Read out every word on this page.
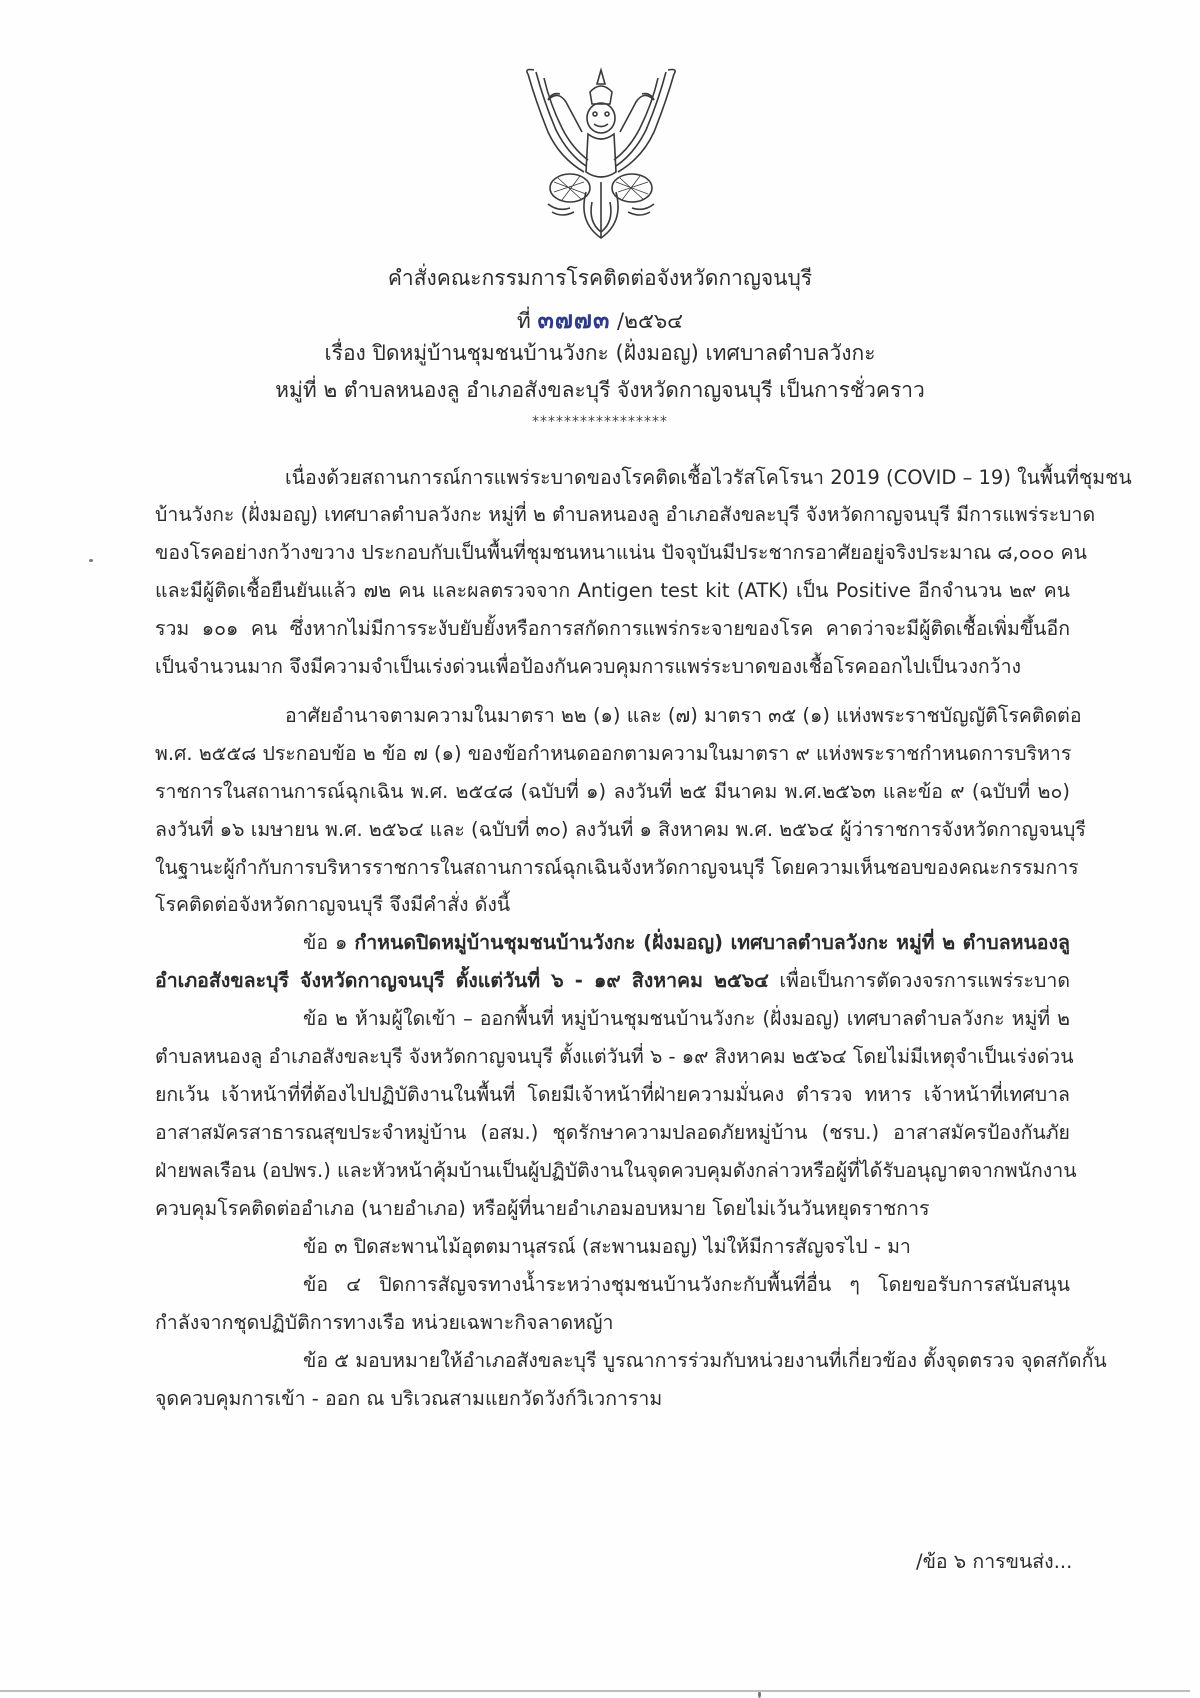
คำสั่งคณะกรรมการโรคติดต่อจังหวัดกาญจนบุรี
ที่ ๓๗๗๓ /๒๕๖๔
เรื่อง ปิดหมู่บ้านชุมชนบ้านวังกะ (ฝั่งมอญ) เทศบาลตำบลวังกะ
หมู่ที่ ๒ ตำบลหนองลู อำเภอสังขละบุรี จังหวัดกาญจนบุรี เป็นการชั่วคราว
*****************
เนื่องด้วยสถานการณ์การแพร่ระบาดของโรคติดเชื้อไวรัสโคโรนา 2019 (COVID – 19) ในพื้นที่ชุมชน
บ้านวังกะ (ฝั่งมอญ) เทศบาลตำบลวังกะ หมู่ที่ ๒ ตำบลหนองลู อำเภอสังขละบุรี จังหวัดกาญจนบุรี มีการแพร่ระบาด
ของโรคอย่างกว้างขวาง ประกอบกับเป็นพื้นที่ชุมชนหนาแน่น ปัจจุบันมีประชากรอาศัยอยู่จริงประมาณ ๘,๐๐๐ คน
และมีผู้ติดเชื้อยืนยันแล้ว ๗๒ คน และผลตรวจจาก Antigen test kit (ATK) เป็น Positive อีกจำนวน ๒๙ คน
รวม ๑๐๑ คน ซึ่งหากไม่มีการระงับยับยั้งหรือการสกัดการแพร่กระจายของโรค คาดว่าจะมีผู้ติดเชื้อเพิ่มขึ้นอีก
เป็นจำนวนมาก จึงมีความจำเป็นเร่งด่วนเพื่อป้องกันควบคุมการแพร่ระบาดของเชื้อโรคออกไปเป็นวงกว้าง
อาศัยอำนาจตามความในมาตรา ๒๒ (๑) และ (๗) มาตรา ๓๕ (๑) แห่งพระราชบัญญัติโรคติดต่อ
พ.ศ. ๒๕๕๘ ประกอบข้อ ๒ ข้อ ๗ (๑) ของข้อกำหนดออกตามความในมาตรา ๙ แห่งพระราชกำหนดการบริหาร
ราชการในสถานการณ์ฉุกเฉิน พ.ศ. ๒๕๔๘ (ฉบับที่ ๑) ลงวันที่ ๒๕ มีนาคม พ.ศ.๒๕๖๓ และข้อ ๙ (ฉบับที่ ๒๐)
ลงวันที่ ๑๖ เมษายน พ.ศ. ๒๕๖๔ และ (ฉบับที่ ๓๐) ลงวันที่ ๑ สิงหาคม พ.ศ. ๒๕๖๔ ผู้ว่าราชการจังหวัดกาญจนบุรี
ในฐานะผู้กำกับการบริหารราชการในสถานการณ์ฉุกเฉินจังหวัดกาญจนบุรี โดยความเห็นชอบของคณะกรรมการ
โรคติดต่อจังหวัดกาญจนบุรี จึงมีคำสั่ง ดังนี้
ข้อ ๑ กำหนดปิดหมู่บ้านชุมชนบ้านวังกะ (ฝั่งมอญ) เทศบาลตำบลวังกะ หมู่ที่ ๒ ตำบลหนองลู
อำเภอสังขละบุรี จังหวัดกาญจนบุรี ตั้งแต่วันที่ ๖ - ๑๙ สิงหาคม ๒๕๖๔ เพื่อเป็นการตัดวงจรการแพร่ระบาด
ข้อ ๒ ห้ามผู้ใดเข้า – ออกพื้นที่ หมู่บ้านชุมชนบ้านวังกะ (ฝั่งมอญ) เทศบาลตำบลวังกะ หมู่ที่ ๒
ตำบลหนองลู อำเภอสังขละบุรี จังหวัดกาญจนบุรี ตั้งแต่วันที่ ๖ - ๑๙ สิงหาคม ๒๕๖๔ โดยไม่มีเหตุจำเป็นเร่งด่วน
ยกเว้น เจ้าหน้าที่ที่ต้องไปปฏิบัติงานในพื้นที่ โดยมีเจ้าหน้าที่ฝ่ายความมั่นคง ตำรวจ ทหาร เจ้าหน้าที่เทศบาล
อาสาสมัครสาธารณสุขประจำหมู่บ้าน (อสม.) ชุดรักษาความปลอดภัยหมู่บ้าน (ชรบ.) อาสาสมัครป้องกันภัย
ฝ่ายพลเรือน (อปพร.) และหัวหน้าคุ้มบ้านเป็นผู้ปฏิบัติงานในจุดควบคุมดังกล่าวหรือผู้ที่ได้รับอนุญาตจากพนักงาน
ควบคุมโรคติดต่ออำเภอ (นายอำเภอ) หรือผู้ที่นายอำเภอมอบหมาย โดยไม่เว้นวันหยุดราชการ
ข้อ ๓ ปิดสะพานไม้อุตตมานุสรณ์ (สะพานมอญ) ไม่ให้มีการสัญจรไป - มา
ข้อ ๔ ปิดการสัญจรทางน้ำระหว่างชุมชนบ้านวังกะกับพื้นที่อื่น ๆ โดยขอรับการสนับสนุน
กำลังจากชุดปฏิบัติการทางเรือ หน่วยเฉพาะกิจลาดหญ้า
ข้อ ๕ มอบหมายให้อำเภอสังขละบุรี บูรณาการร่วมกับหน่วยงานที่เกี่ยวข้อง ตั้งจุดตรวจ จุดสกัดกั้น
จุดควบคุมการเข้า - ออก ณ บริเวณสามแยกวัดวังก์วิเวการาม
/ข้อ ๖ การขนส่ง...
